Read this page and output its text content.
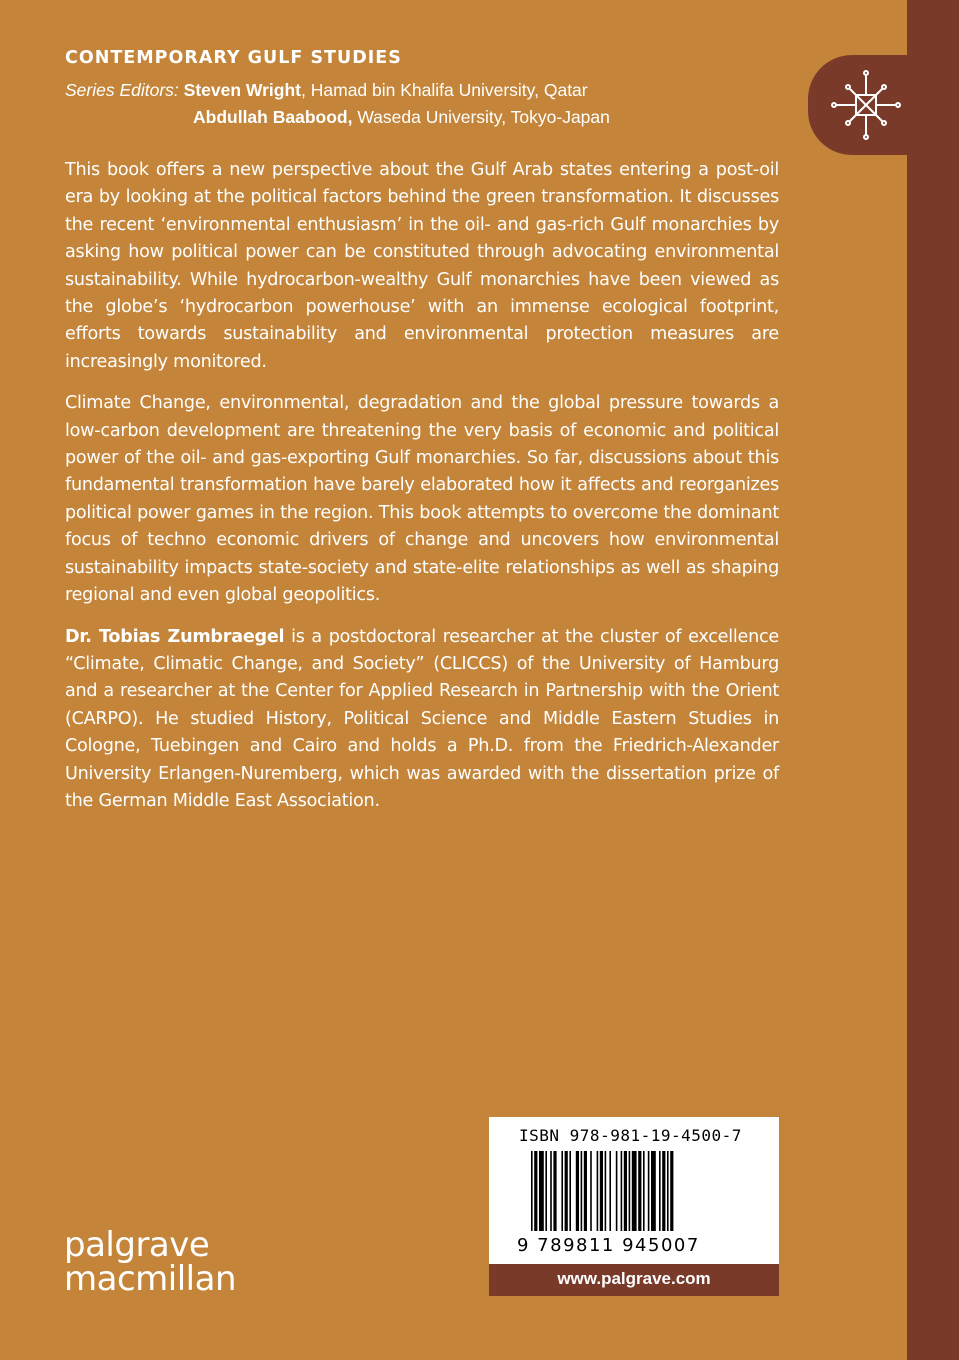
CONTEMPORARY GULF STUDIES
Series Editors: Steven Wright, Hamad bin Khalifa University, Qatar
Abdullah Baabood, Waseda University, Tokyo-Japan

This book offers a new perspective about the Gulf Arab states entering a post-oil era by looking at the political factors behind the green transformation. It discusses the recent ‘environmental enthusiasm’ in the oil- and gas-rich Gulf monarchies by asking how political power can be constituted through advocating environmental sustainability. While hydrocarbon-wealthy Gulf monarchies have been viewed as the globe’s ‘hydrocarbon powerhouse’ with an immense ecological footprint, efforts towards sustainability and environmental protection measures are increasingly monitored.

Climate Change, environmental, degradation and the global pressure towards a low-carbon development are threatening the very basis of economic and political power of the oil- and gas-exporting Gulf monarchies. So far, discussions about this fundamental transformation have barely elaborated how it affects and reorganizes political power games in the region. This book attempts to overcome the dominant focus of techno economic drivers of change and uncovers how environmental sustainability impacts state-society and state-elite relationships as well as shaping regional and even global geopolitics.

Dr. Tobias Zumbraegel is a postdoctoral researcher at the cluster of excellence “Climate, Climatic Change, and Society” (CLICCS) of the University of Hamburg and a researcher at the Center for Applied Research in Partnership with the Orient (CARPO). He studied History, Political Science and Middle Eastern Studies in Cologne, Tuebingen and Cairo and holds a Ph.D. from the Friedrich-Alexander University Erlangen-Nuremberg, which was awarded with the dissertation prize of the German Middle East Association.

palgrave
macmillan
ISBN 978-981-19-4500-7
9 789811 945007
www.palgrave.com
